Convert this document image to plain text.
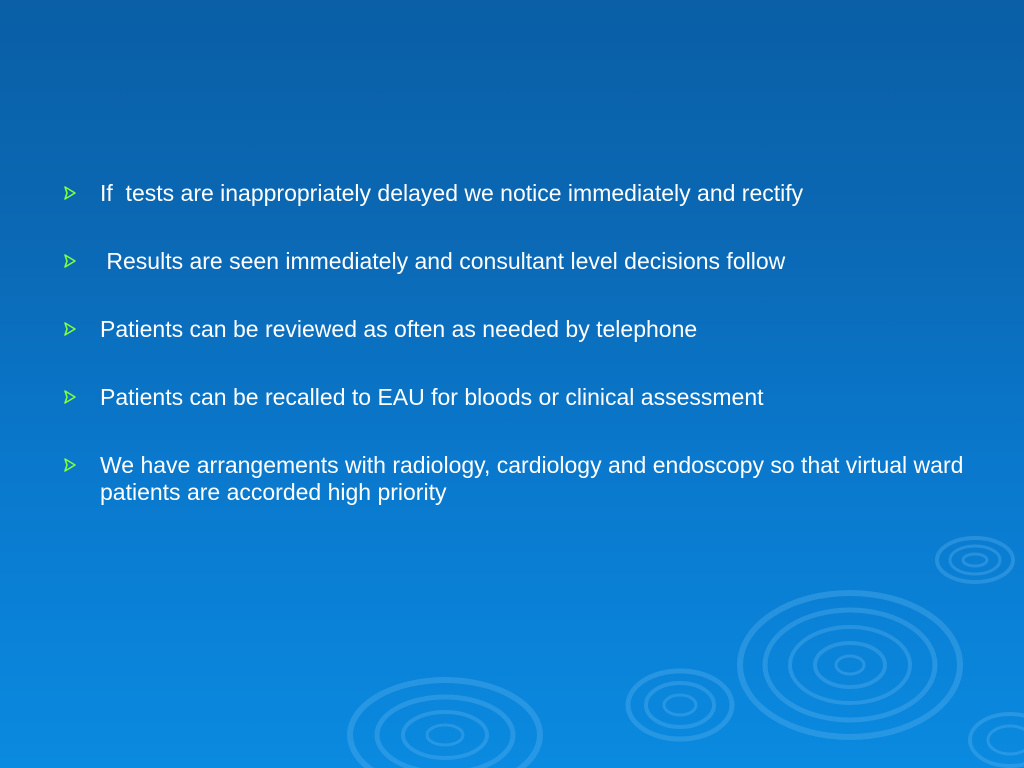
If  tests are inappropriately delayed we notice immediately and rectify
Results are seen immediately and consultant level decisions follow
Patients can be reviewed as often as needed by telephone
Patients can be recalled to EAU for bloods or clinical assessment
We have arrangements with radiology, cardiology and endoscopy so that virtual ward patients are accorded high priority
